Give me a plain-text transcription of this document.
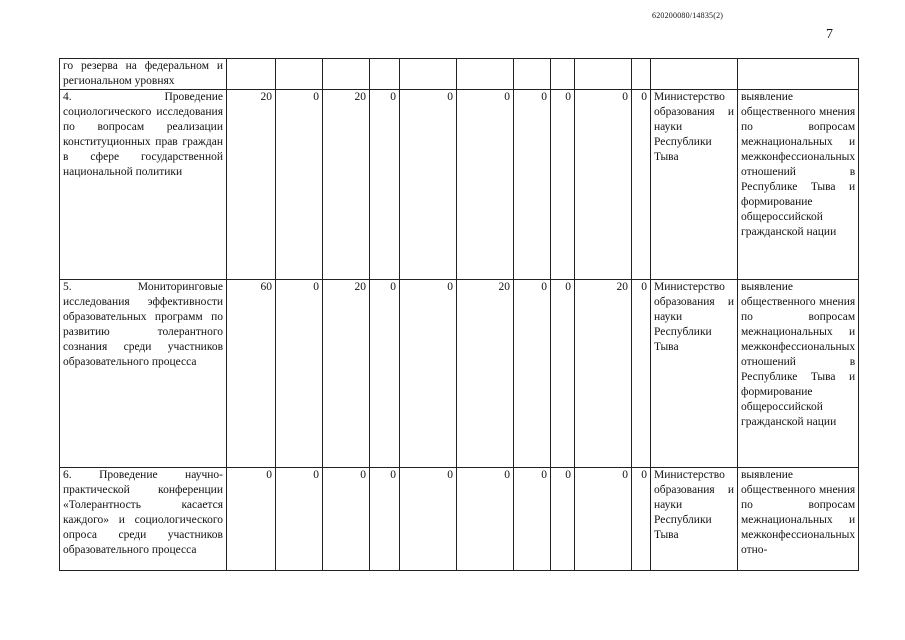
620200080/14835(2)
7
го резерва на федеральном и региональном уровнях												
4. Проведение социологического исследования по вопросам реализации конституционных прав граждан в сфере государственной национальной политики	20	0	20	0	0	0	0	0	0	0	Министерство образования и науки Республики Тыва	выявление общественного мнения по вопросам межнациональных и межконфессиональных отношений в Республике Тыва и формирование общероссийской гражданской нации
5. Мониторинговые исследования эффективности образовательных программ по развитию толерантного сознания среди участников образовательного процесса	60	0	20	0	0	20	0	0	20	0	Министерство образования и науки Республики Тыва	выявление общественного мнения по вопросам межнациональных и межконфессиональных отношений в Республике Тыва и формирование общероссийской гражданской нации
6. Проведение научно-практической конференции «Толерантность касается каждого» и социологического опроса среди участников образовательного процесса	0	0	0	0	0	0	0	0	0	0	Министерство образования и науки Республики Тыва	выявление общественного мнения по вопросам межнациональных и межконфессиональных отно-
